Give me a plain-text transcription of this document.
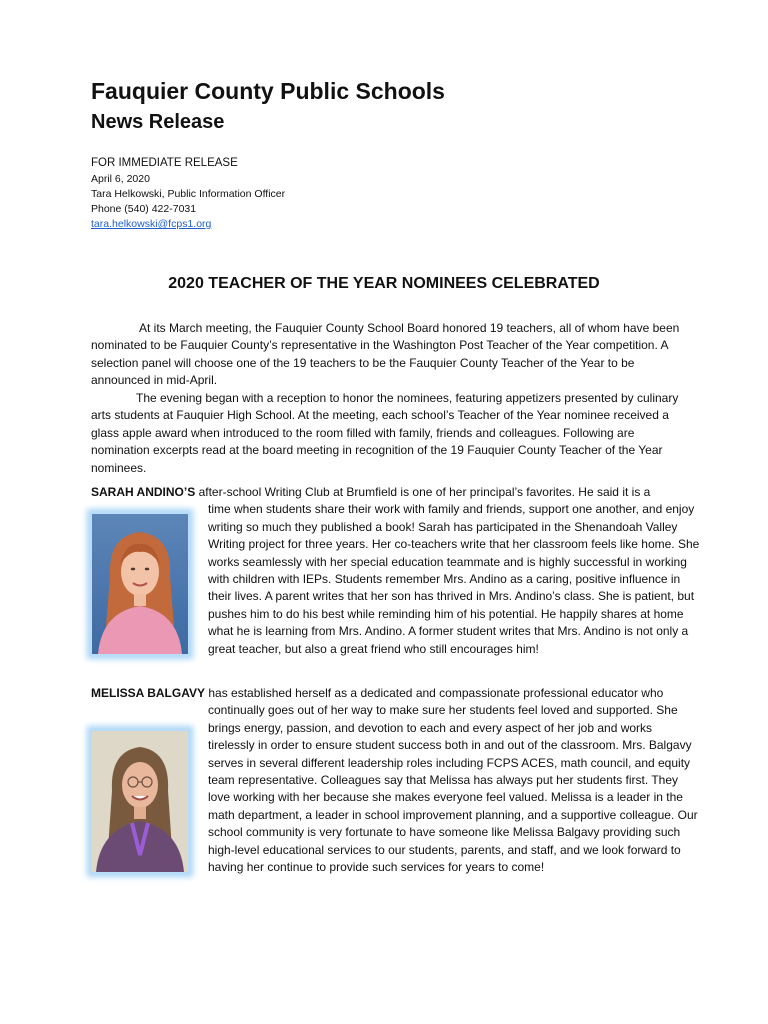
Fauquier County Public Schools
News Release
FOR IMMEDIATE RELEASE
April 6, 2020
Tara Helkowski, Public Information Officer
Phone (540) 422-7031
tara.helkowski@fcps1.org
2020 TEACHER OF THE YEAR NOMINEES CELEBRATED
At its March meeting, the Fauquier County School Board honored 19 teachers, all of whom have been nominated to be Fauquier County’s representative in the Washington Post Teacher of the Year competition. A selection panel will choose one of the 19 teachers to be the Fauquier County Teacher of the Year to be announced in mid-April.
The evening began with a reception to honor the nominees, featuring appetizers presented by culinary arts students at Fauquier High School. At the meeting, each school’s Teacher of the Year nominee received a glass apple award when introduced to the room filled with family, friends and colleagues. Following are nomination excerpts read at the board meeting in recognition of the 19 Fauquier County Teacher of the Year nominees.
SARAH ANDINO’S after-school Writing Club at Brumfield is one of her principal’s favorites. He said it is a
time when students share their work with family and friends, support one another, and enjoy writing so much they published a book! Sarah has participated in the Shenandoah Valley Writing project for three years. Her co-teachers write that her classroom feels like home. She works seamlessly with her special education teammate and is highly successful in working with children with IEPs. Students remember Mrs. Andino as a caring, positive influence in their lives. A parent writes that her son has thrived in Mrs. Andino’s class. She is patient, but pushes him to do his best while reminding him of his potential. He happily shares at home what he is learning from Mrs. Andino. A former student writes that Mrs. Andino is not only a great teacher, but also a great friend who still encourages him!
MELISSA BALGAVY has established herself as a dedicated and compassionate professional educator who
continually goes out of her way to make sure her students feel loved and supported. She brings energy, passion, and devotion to each and every aspect of her job and works tirelessly in order to ensure student success both in and out of the classroom. Mrs. Balgavy serves in several different leadership roles including FCPS ACES, math council, and equity team representative. Colleagues say that Melissa has always put her students first. They love working with her because she makes everyone feel valued. Melissa is a leader in the math department, a leader in school improvement planning, and a supportive colleague. Our school community is very fortunate to have someone like Melissa Balgavy providing such high-level educational services to our students, parents, and staff, and we look forward to having her continue to provide such services for years to come!
